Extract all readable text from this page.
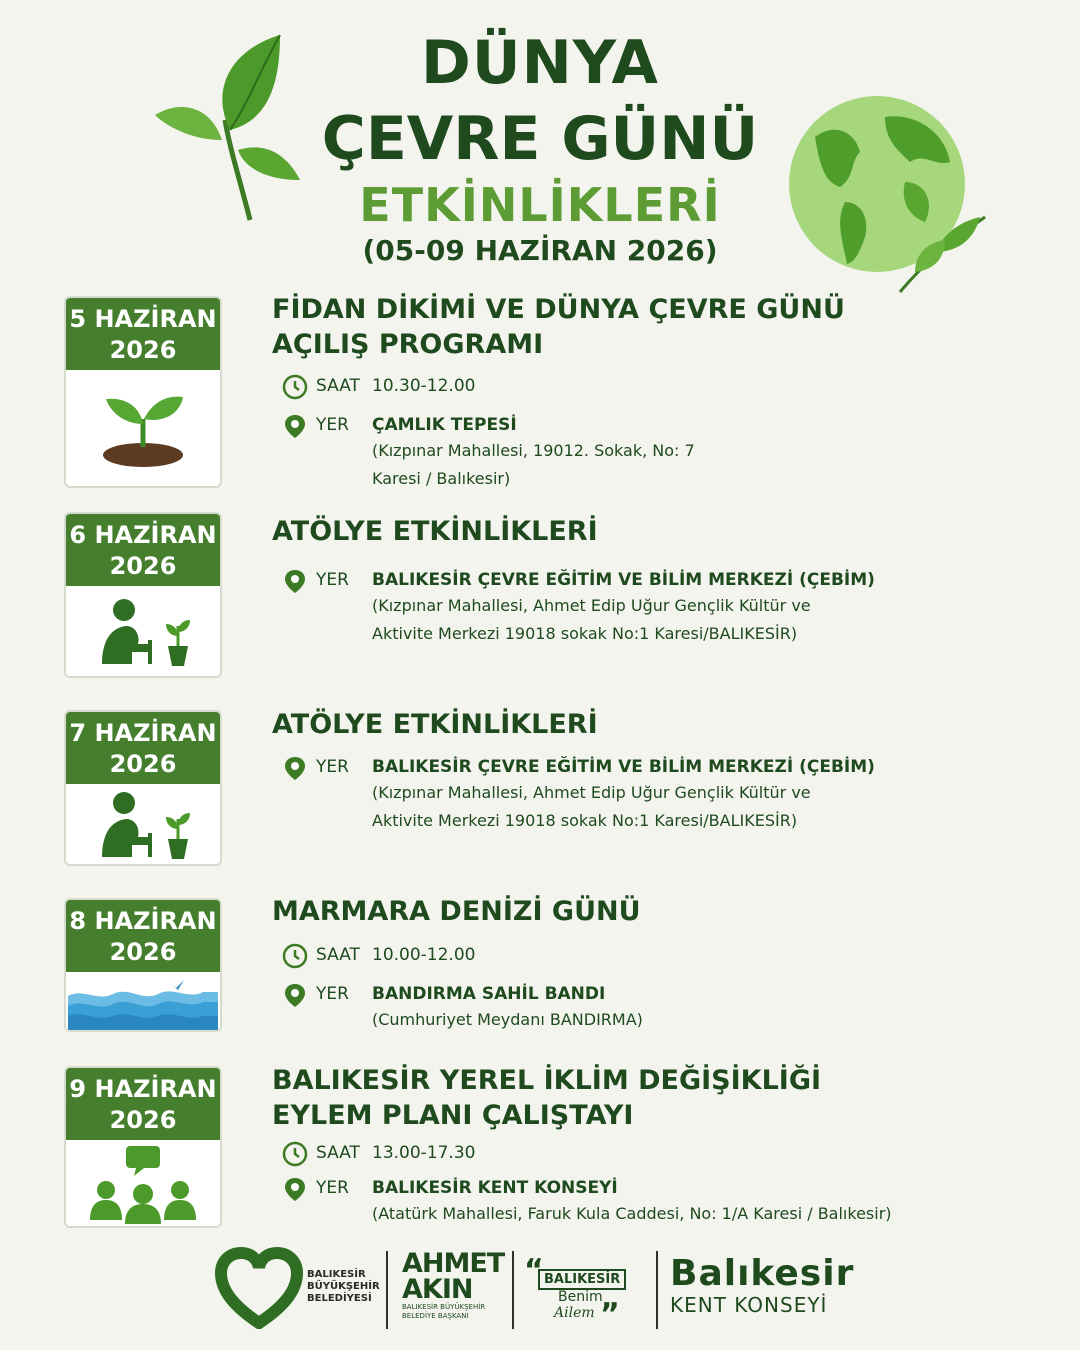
DÜNYA
ÇEVRE GÜNÜ
ETKİNLİKLERİ
(05-09 HAZİRAN 2026)
5 HAZİRAN
2026
FİDAN DİKİMİ VE DÜNYA ÇEVRE GÜNÜ
AÇILIŞ PROGRAMI
SAAT 10.30-12.00
YER	ÇAMLIK TEPESİ
(Kızpınar Mahallesi, 19012. Sokak, No: 7
Karesi / Balıkesir)
6 HAZİRAN
2026
ATÖLYE ETKİNLİKLERİ
YER	BALIKESİR ÇEVRE EĞİTİM VE BİLİM MERKEZİ (ÇEBİM)
(Kızpınar Mahallesi, Ahmet Edip Uğur Gençlik Kültür ve
Aktivite Merkezi 19018 sokak No:1 Karesi/BALIKESİR)
7 HAZİRAN
2026
ATÖLYE ETKİNLİKLERİ
YER	BALIKESİR ÇEVRE EĞİTİM VE BİLİM MERKEZİ (ÇEBİM)
(Kızpınar Mahallesi, Ahmet Edip Uğur Gençlik Kültür ve
Aktivite Merkezi 19018 sokak No:1 Karesi/BALIKESİR)
8 HAZİRAN
2026
MARMARA DENİZİ GÜNÜ
SAAT 10.00-12.00
YER	BANDIRMA SAHİL BANDI
(Cumhuriyet Meydanı BANDIRMA)
9 HAZİRAN
2026
BALIKESİR YEREL İKLİM DEĞİŞİKLİĞİ
EYLEM PLANI ÇALIŞTAYI
SAAT 13.00-17.30
YER	BALIKESİR KENT KONSEYİ
(Atatürk Mahallesi, Faruk Kula Caddesi, No: 1/A Karesi / Balıkesir)
BALIKESİR
BÜYÜKŞEHİR
BELEDİYESİ
AHMET
AKIN
BALIKESİR BÜYÜKŞEHİR
BELEDİYE BAŞKANI
“ BALIKESİR
Benim
Ailem ”
Balıkesir
KENT KONSEYİ
